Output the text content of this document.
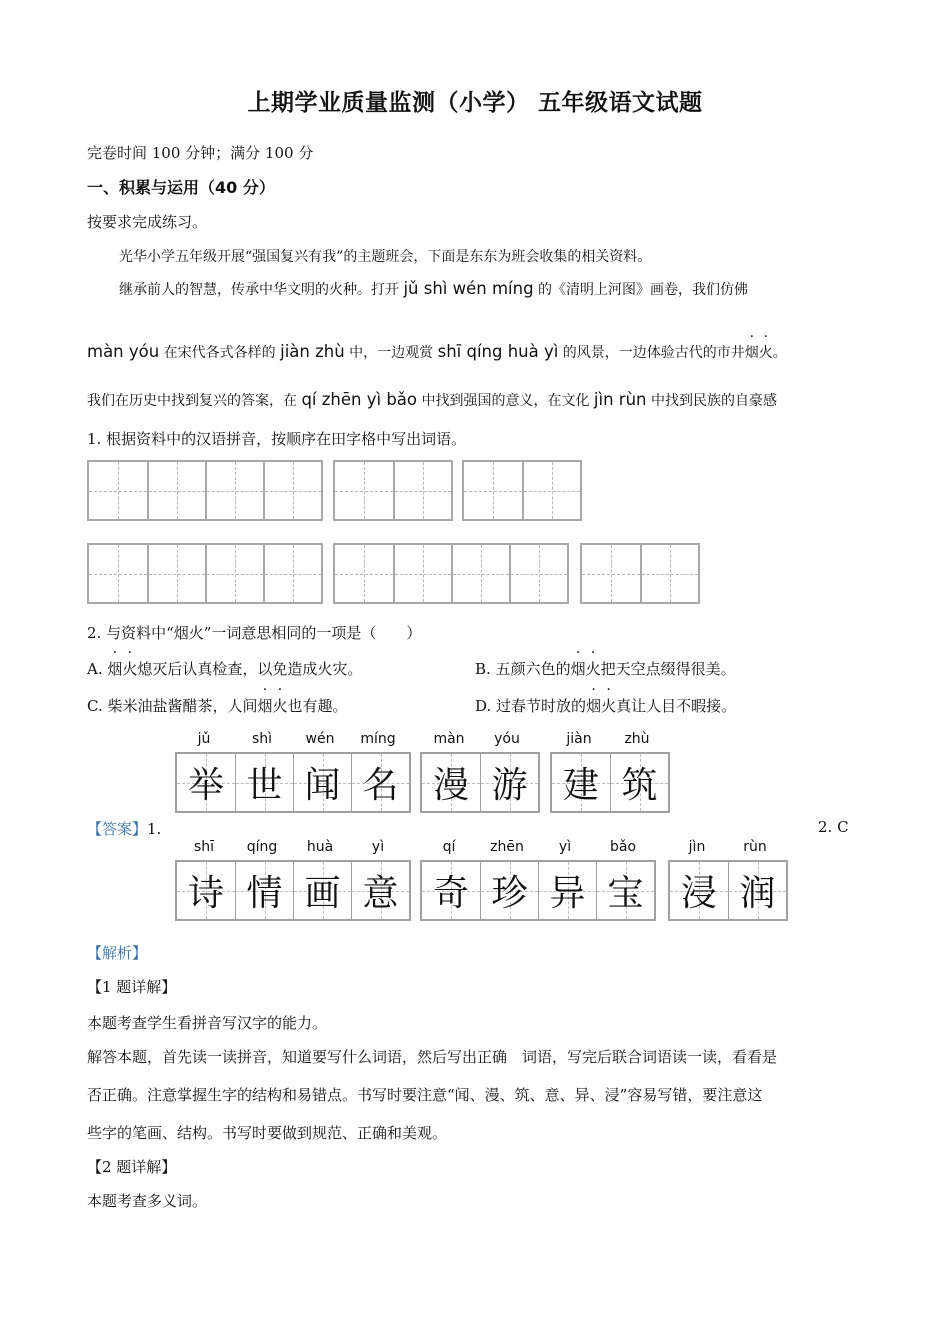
上期学业质量监测（小学） 五年级语文试题
完卷时间 100 分钟；满分 100 分
一、积累与运用（40 分）
按要求完成练习。
光华小学五年级开展“强国复兴有我”的主题班会，下面是东东为班会收集的相关资料。
继承前人的智慧，传承中华文明的火种。打开 jǔ shì wén míng 的《清明上河图》画卷，我们仿佛
màn yóu 在宋代各式各样的 jiàn zhù 中，一边观赏 shī qíng huà yì 的风景，一边体验古代的市井烟火。
我们在历史中找到复兴的答案，在 qí zhēn yì bǎo 中找到强国的意义，在文化 jìn rùn 中找到民族的自豪感
1. 根据资料中的汉语拼音，按顺序在田字格中写出词语。
2. 与资料中“烟火”一词意思相同的一项是（　　）
A. 烟火熄灭后认真检查，以免造成火灾。	B. 五颜六色的烟火把天空点缀得很美。
C. 柴米油盐酱醋茶，人间烟火也有趣。	D. 过春节时放的烟火真让人目不暇接。
jǔ	shì	wén	míng	màn	yóu	jiàn	zhù
举 世 闻 名 漫 游 建 筑
【答案】1.	2. C
shī	qíng	huà	yì	qí	zhēn	yì	bǎo	jìn	rùn
诗 情 画 意 奇 珍 异 宝 浸 润
【解析】
【1 题详解】
本题考查学生看拼音写汉字的能力。
解答本题，首先读一读拼音，知道要写什么词语，然后写出正确　词语，写完后联合词语读一读，看看是
否正确。注意掌握生字的结构和易错点。书写时要注意“闻、漫、筑、意、异、浸”容易写错，要注意这
些字的笔画、结构。书写时要做到规范、正确和美观。
【2 题详解】
本题考查多义词。
